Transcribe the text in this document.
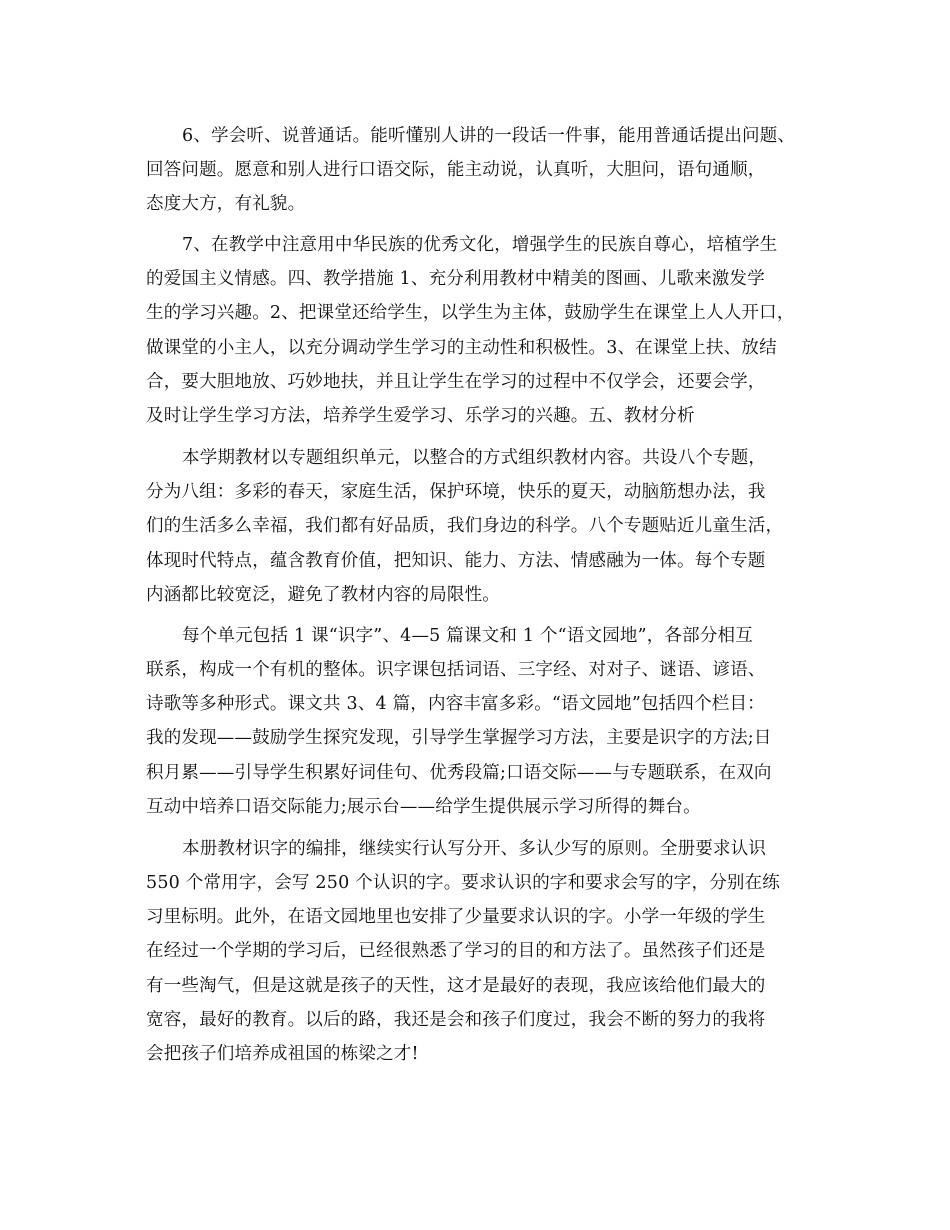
6、学会听、说普通话。能听懂别人讲的一段话一件事，能用普通话提出问题、
回答问题。愿意和别人进行口语交际，能主动说，认真听，大胆问，语句通顺，
态度大方，有礼貌。
7、在教学中注意用中华民族的优秀文化，增强学生的民族自尊心，培植学生
的爱国主义情感。四、教学措施 1、充分利用教材中精美的图画、儿歌来激发学
生的学习兴趣。2、把课堂还给学生，以学生为主体，鼓励学生在课堂上人人开口，
做课堂的小主人，以充分调动学生学习的主动性和积极性。3、在课堂上扶、放结
合，要大胆地放、巧妙地扶，并且让学生在学习的过程中不仅学会，还要会学，
及时让学生学习方法，培养学生爱学习、乐学习的兴趣。五、教材分析
本学期教材以专题组织单元，以整合的方式组织教材内容。共设八个专题，
分为八组：多彩的春天，家庭生活，保护环境，快乐的夏天，动脑筋想办法，我
们的生活多么幸福，我们都有好品质，我们身边的科学。八个专题贴近儿童生活，
体现时代特点，蕴含教育价值，把知识、能力、方法、情感融为一体。每个专题
内涵都比较宽泛，避免了教材内容的局限性。
每个单元包括 1 课“识字”、4—5 篇课文和 1 个“语文园地”，各部分相互
联系，构成一个有机的整体。识字课包括词语、三字经、对对子、谜语、谚语、
诗歌等多种形式。课文共 3、4 篇，内容丰富多彩。“语文园地”包括四个栏目：
我的发现——鼓励学生探究发现，引导学生掌握学习方法，主要是识字的方法;日
积月累——引导学生积累好词佳句、优秀段篇;口语交际——与专题联系，在双向
互动中培养口语交际能力;展示台——给学生提供展示学习所得的舞台。
本册教材识字的编排，继续实行认写分开、多认少写的原则。全册要求认识
550 个常用字，会写 250 个认识的字。要求认识的字和要求会写的字，分别在练
习里标明。此外，在语文园地里也安排了少量要求认识的字。小学一年级的学生
在经过一个学期的学习后，已经很熟悉了学习的目的和方法了。虽然孩子们还是
有一些淘气，但是这就是孩子的天性，这才是最好的表现，我应该给他们最大的
宽容，最好的教育。以后的路，我还是会和孩子们度过，我会不断的努力的我将
会把孩子们培养成祖国的栋梁之才!
